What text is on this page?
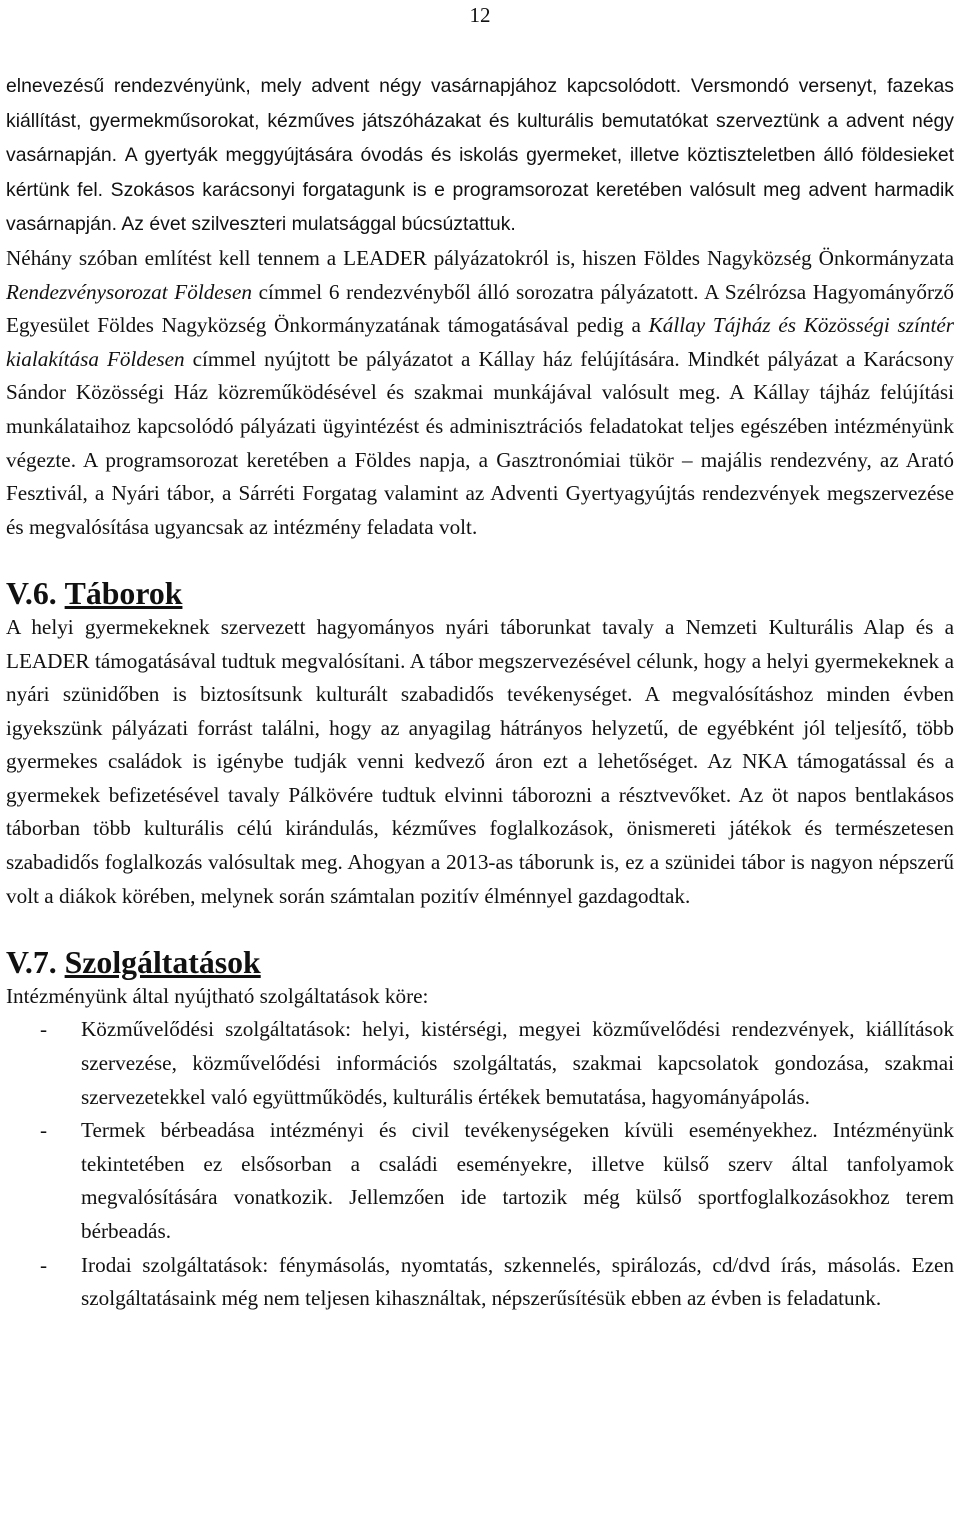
12

elnevezésű rendezvényünk, mely advent négy vasárnapjához kapcsolódott. Versmondó versenyt, fazekas kiállítást, gyermekműsorokat, kézműves játszóházakat és kulturális bemutatókat szerveztünk a advent négy vasárnapján. A gyertyák meggyújtására óvodás és iskolás gyermeket, illetve köztiszteletben álló földesieket kértünk fel. Szokásos karácsonyi forgatagunk is e programsorozat keretében valósult meg advent harmadik vasárnapján. Az évet szilveszteri mulatsággal búcsúztattuk.

Néhány szóban említést kell tennem a LEADER pályázatokról is, hiszen Földes Nagyközség Önkormányzata Rendezvénysorozat Földesen címmel 6 rendezvényből álló sorozatra pályázatott. A Szélrózsa Hagyományőrző Egyesület Földes Nagyközség Önkormányzatának támogatásával pedig a Kállay Tájház és Közösségi színtér kialakítása Földesen címmel nyújtott be pályázatot a Kállay ház felújítására. Mindkét pályázat a Karácsony Sándor Közösségi Ház közreműködésével és szakmai munkájával valósult meg. A Kállay tájház felújítási munkálataihoz kapcsolódó pályázati ügyintézést és adminisztrációs feladatokat teljes egészében intézményünk végezte. A programsorozat keretében a Földes napja, a Gasztronómiai tükör – majális rendezvény, az Arató Fesztivál, a Nyári tábor, a Sárréti Forgatag valamint az Adventi Gyertyagyújtás rendezvények megszervezése és megvalósítása ugyancsak az intézmény feladata volt.

V.6. Táborok

A helyi gyermekeknek szervezett hagyományos nyári táborunkat tavaly a Nemzeti Kulturális Alap és a LEADER támogatásával tudtuk megvalósítani. A tábor megszervezésével célunk, hogy a helyi gyermekeknek a nyári szünidőben is biztosítsunk kulturált szabadidős tevékenységet. A megvalósításhoz minden évben igyekszünk pályázati forrást találni, hogy az anyagilag hátrányos helyzetű, de egyébként jól teljesítő, több gyermekes családok is igénybe tudják venni kedvező áron ezt a lehetőséget. Az NKA támogatással és a gyermekek befizetésével tavaly Pálkövére tudtuk elvinni táborozni a résztvevőket. Az öt napos bentlakásos táborban több kulturális célú kirándulás, kézműves foglalkozások, önismereti játékok és természetesen szabadidős foglalkozás valósultak meg. Ahogyan a 2013-as táborunk is, ez a szünidei tábor is nagyon népszerű volt a diákok körében, melynek során számtalan pozitív élménnyel gazdagodtak.

V.7. Szolgáltatások

Intézményünk által nyújtható szolgáltatások köre:

- Közművelődési szolgáltatások: helyi, kistérségi, megyei közművelődési rendezvények, kiállítások szervezése, közművelődési információs szolgáltatás, szakmai kapcsolatok gondozása, szakmai szervezetekkel való együttműködés, kulturális értékek bemutatása, hagyományápolás.
- Termek bérbeadása intézményi és civil tevékenységeken kívüli eseményekhez. Intézményünk tekintetében ez elsősorban a családi eseményekre, illetve külső szerv által tanfolyamok megvalósítására vonatkozik. Jellemzően ide tartozik még külső sportfoglalkozásokhoz terem bérbeadás.
- Irodai szolgáltatások: fénymásolás, nyomtatás, szkennelés, spirálozás, cd/dvd írás, másolás. Ezen szolgáltatásaink még nem teljesen kihasználtak, népszerűsítésük ebben az évben is feladatunk.
